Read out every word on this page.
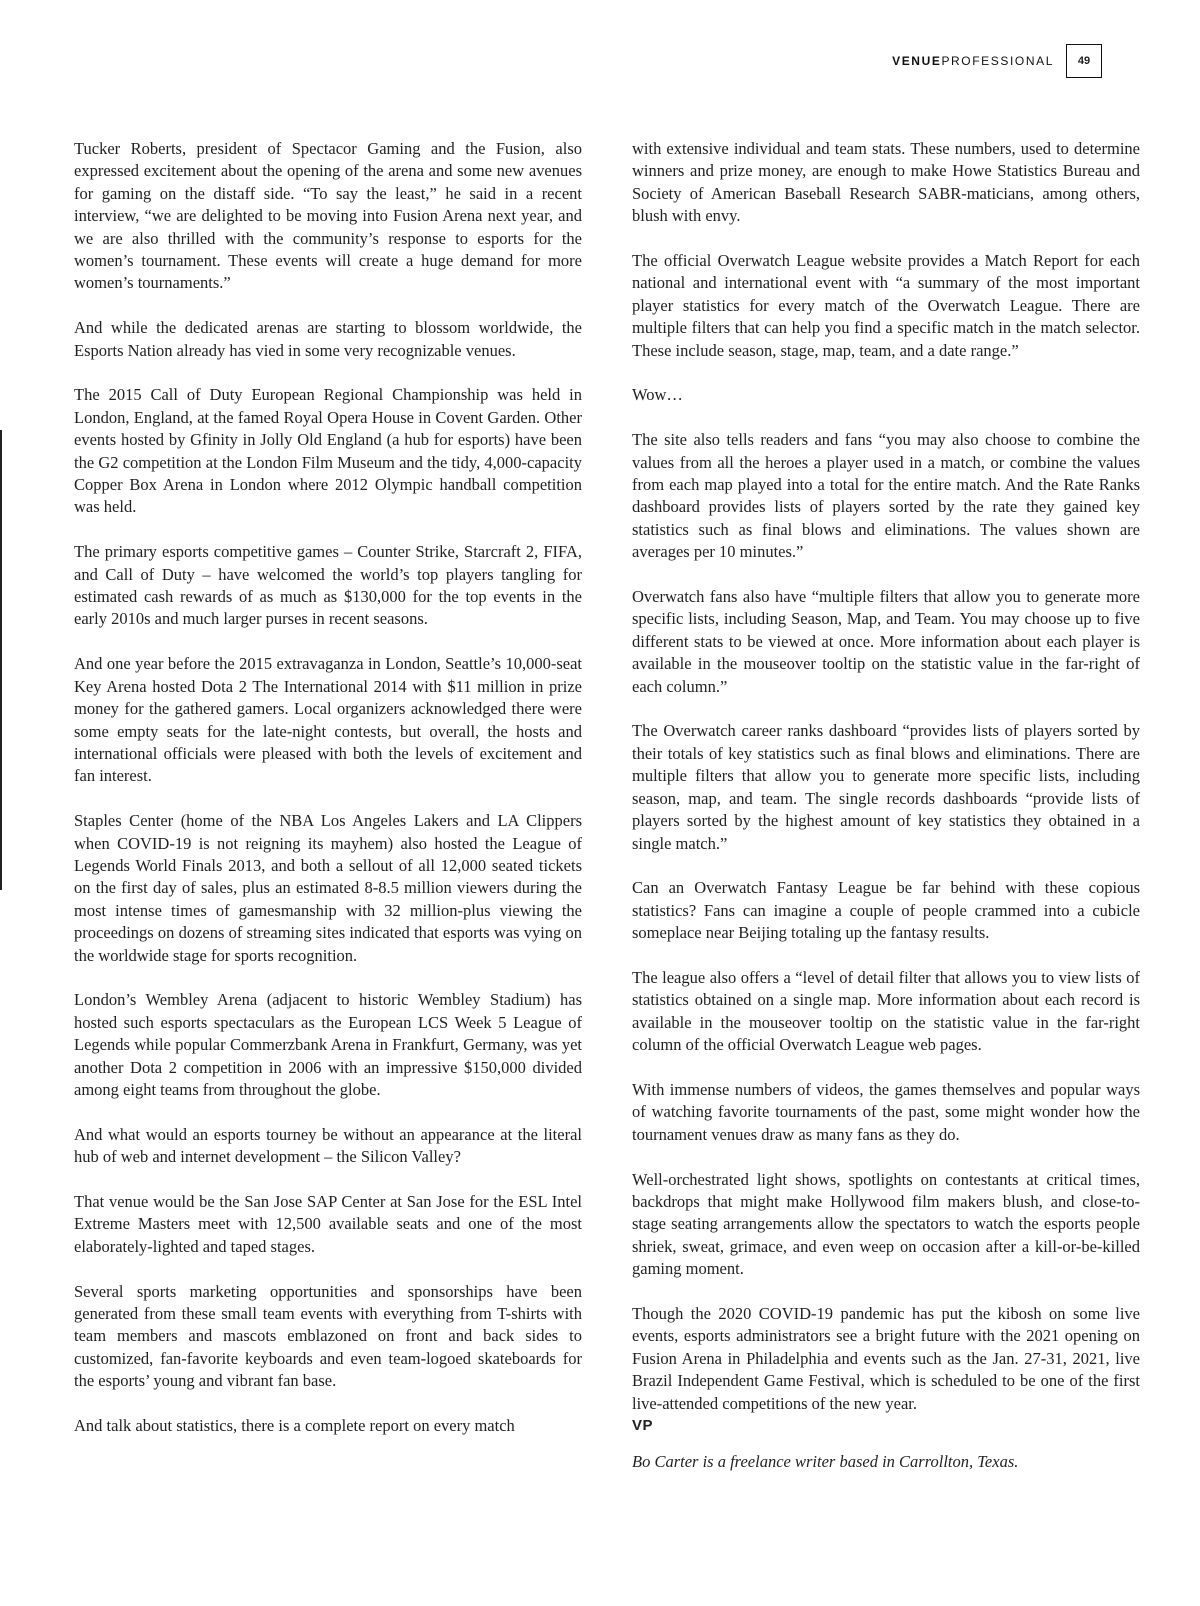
VENUEPROFESSIONAL	49

Tucker Roberts, president of Spectacor Gaming and the Fusion, also expressed excitement about the opening of the arena and some new avenues for gaming on the distaff side. “To say the least,” he said in a recent interview, “we are delighted to be moving into Fusion Arena next year, and we are also thrilled with the community’s response to esports for the women’s tournament. These events will create a huge demand for more women’s tournaments.”

And while the dedicated arenas are starting to blossom worldwide, the Esports Nation already has vied in some very recognizable venues.

The 2015 Call of Duty European Regional Championship was held in London, England, at the famed Royal Opera House in Covent Garden. Other events hosted by Gfinity in Jolly Old England (a hub for esports) have been the G2 competition at the London Film Museum and the tidy, 4,000-capacity Copper Box Arena in London where 2012 Olympic handball competition was held.

The primary esports competitive games – Counter Strike, Starcraft 2, FIFA, and Call of Duty – have welcomed the world’s top players tangling for estimated cash rewards of as much as $130,000 for the top events in the early 2010s and much larger purses in recent seasons.

And one year before the 2015 extravaganza in London, Seattle’s 10,000-seat Key Arena hosted Dota 2 The International 2014 with $11 million in prize money for the gathered gamers. Local organizers acknowledged there were some empty seats for the late-night contests, but overall, the hosts and international officials were pleased with both the levels of excitement and fan interest.

Staples Center (home of the NBA Los Angeles Lakers and LA Clippers when COVID-19 is not reigning its mayhem) also hosted the League of Legends World Finals 2013, and both a sellout of all 12,000 seated tickets on the first day of sales, plus an estimated 8-8.5 million viewers during the most intense times of gamesmanship with 32 million-plus viewing the proceedings on dozens of streaming sites indicated that esports was vying on the worldwide stage for sports recognition.

London’s Wembley Arena (adjacent to historic Wembley Stadium) has hosted such esports spectaculars as the European LCS Week 5 League of Legends while popular Commerzbank Arena in Frankfurt, Germany, was yet another Dota 2 competition in 2006 with an impressive $150,000 divided among eight teams from throughout the globe.

And what would an esports tourney be without an appearance at the literal hub of web and internet development – the Silicon Valley?

That venue would be the San Jose SAP Center at San Jose for the ESL Intel Extreme Masters meet with 12,500 available seats and one of the most elaborately-lighted and taped stages.

Several sports marketing opportunities and sponsorships have been generated from these small team events with everything from T-shirts with team members and mascots emblazoned on front and back sides to customized, fan-favorite keyboards and even team-logoed skateboards for the esports’ young and vibrant fan base.

And talk about statistics, there is a complete report on every match

with extensive individual and team stats. These numbers, used to determine winners and prize money, are enough to make Howe Statistics Bureau and Society of American Baseball Research SABR-maticians, among others, blush with envy.

The official Overwatch League website provides a Match Report for each national and international event with “a summary of the most important player statistics for every match of the Overwatch League. There are multiple filters that can help you find a specific match in the match selector. These include season, stage, map, team, and a date range.”

Wow…

The site also tells readers and fans “you may also choose to combine the values from all the heroes a player used in a match, or combine the values from each map played into a total for the entire match. And the Rate Ranks dashboard provides lists of players sorted by the rate they gained key statistics such as final blows and eliminations. The values shown are averages per 10 minutes.”

Overwatch fans also have “multiple filters that allow you to generate more specific lists, including Season, Map, and Team. You may choose up to five different stats to be viewed at once. More information about each player is available in the mouseover tooltip on the statistic value in the far-right of each column.”

The Overwatch career ranks dashboard “provides lists of players sorted by their totals of key statistics such as final blows and eliminations. There are multiple filters that allow you to generate more specific lists, including season, map, and team. The single records dashboards “provide lists of players sorted by the highest amount of key statistics they obtained in a single match.”

Can an Overwatch Fantasy League be far behind with these copious statistics? Fans can imagine a couple of people crammed into a cubicle someplace near Beijing totaling up the fantasy results.

The league also offers a “level of detail filter that allows you to view lists of statistics obtained on a single map. More information about each record is available in the mouseover tooltip on the statistic value in the far-right column of the official Overwatch League web pages.

With immense numbers of videos, the games themselves and popular ways of watching favorite tournaments of the past, some might wonder how the tournament venues draw as many fans as they do.

Well-orchestrated light shows, spotlights on contestants at critical times, backdrops that might make Hollywood film makers blush, and close-to-stage seating arrangements allow the spectators to watch the esports people shriek, sweat, grimace, and even weep on occasion after a kill-or-be-killed gaming moment.

Though the 2020 COVID-19 pandemic has put the kibosh on some live events, esports administrators see a bright future with the 2021 opening on Fusion Arena in Philadelphia and events such as the Jan. 27-31, 2021, live Brazil Independent Game Festival, which is scheduled to be one of the first live-attended competitions of the new year.
VP

Bo Carter is a freelance writer based in Carrollton, Texas.
